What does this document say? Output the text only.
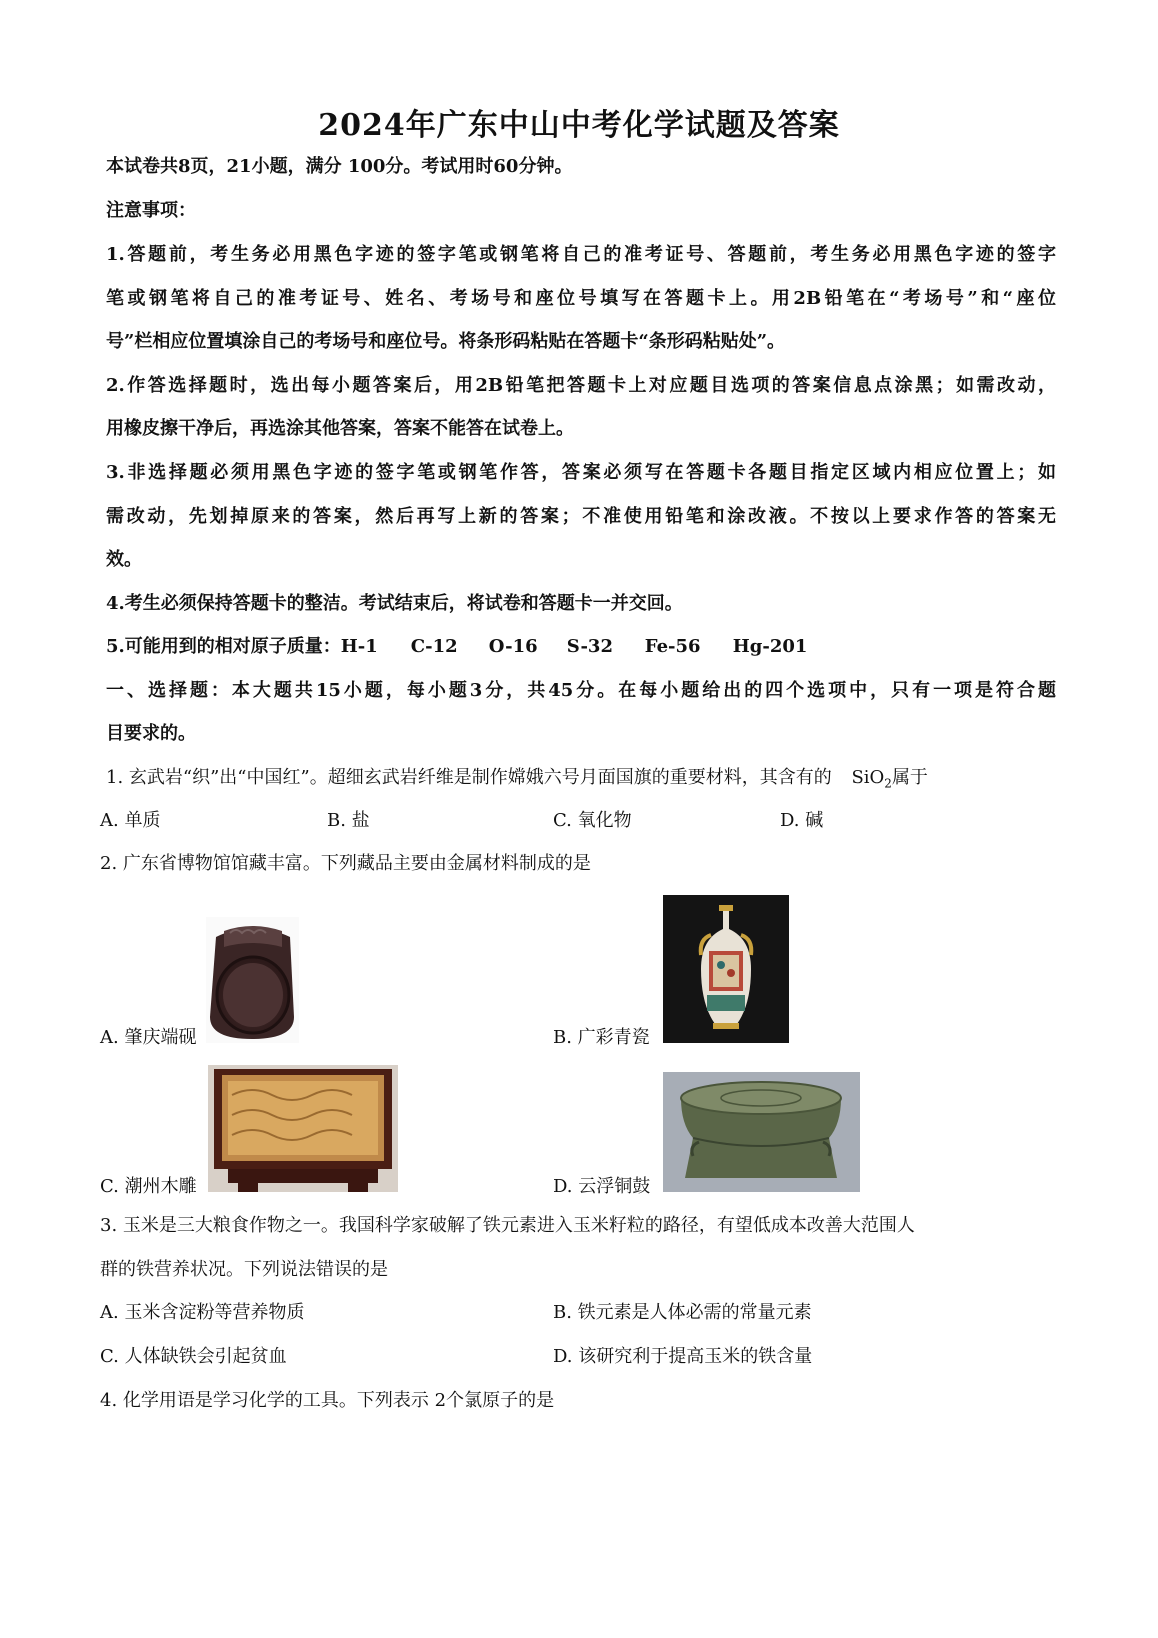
2024年广东中山中考化学试题及答案
本试卷共8页，21小题，满分 100分。考试用时60分钟。
注意事项：
1.答题前，考生务必用黑色字迹的签字笔或钢笔将自己的准考证号、答题前，考生务必用黑色字迹的签字
笔或钢笔将自己的准考证号、姓名、考场号和座位号填写在答题卡上。用2B铅笔在“考场号”和“座位
号”栏相应位置填涂自己的考场号和座位号。将条形码粘贴在答题卡“条形码粘贴处”。
2.作答选择题时，选出每小题答案后，用2B铅笔把答题卡上对应题目选项的答案信息点涂黑；如需改动，
用橡皮擦干净后，再选涂其他答案，答案不能答在试卷上。
3.非选择题必须用黑色字迹的签字笔或钢笔作答，答案必须写在答题卡各题目指定区域内相应位置上；如
需改动，先划掉原来的答案，然后再写上新的答案；不准使用铅笔和涂改液。不按以上要求作答的答案无
效。
4.考生必须保持答题卡的整洁。考试结束后，将试卷和答题卡一并交回。
5.可能用到的相对原子质量：H-1 C-12 O-16 S-32 Fe-56 Hg-201
一、选择题：本大题共15小题，每小题3分，共45分。在每小题给出的四个选项中，只有一项是符合题
目要求的。
1. 玄武岩“织”出“中国红”。超细玄武岩纤维是制作嫦娥六号月面国旗的重要材料，其含有的 SiO$_2$属于
A. 单质	B. 盐	C. 氧化物	D. 碱
2. 广东省博物馆馆藏丰富。下列藏品主要由金属材料制成的是
A. 肇庆端砚	B. 广彩青瓷
C. 潮州木雕	D. 云浮铜鼓
3. 玉米是三大粮食作物之一。我国科学家破解了铁元素进入玉米籽粒的路径，有望低成本改善大范围人
群的铁营养状况。下列说法错误的是
A. 玉米含淀粉等营养物质	B. 铁元素是人体必需的常量元素
C. 人体缺铁会引起贫血	D. 该研究利于提高玉米的铁含量
4. 化学用语是学习化学的工具。下列表示 2个氯原子的是
